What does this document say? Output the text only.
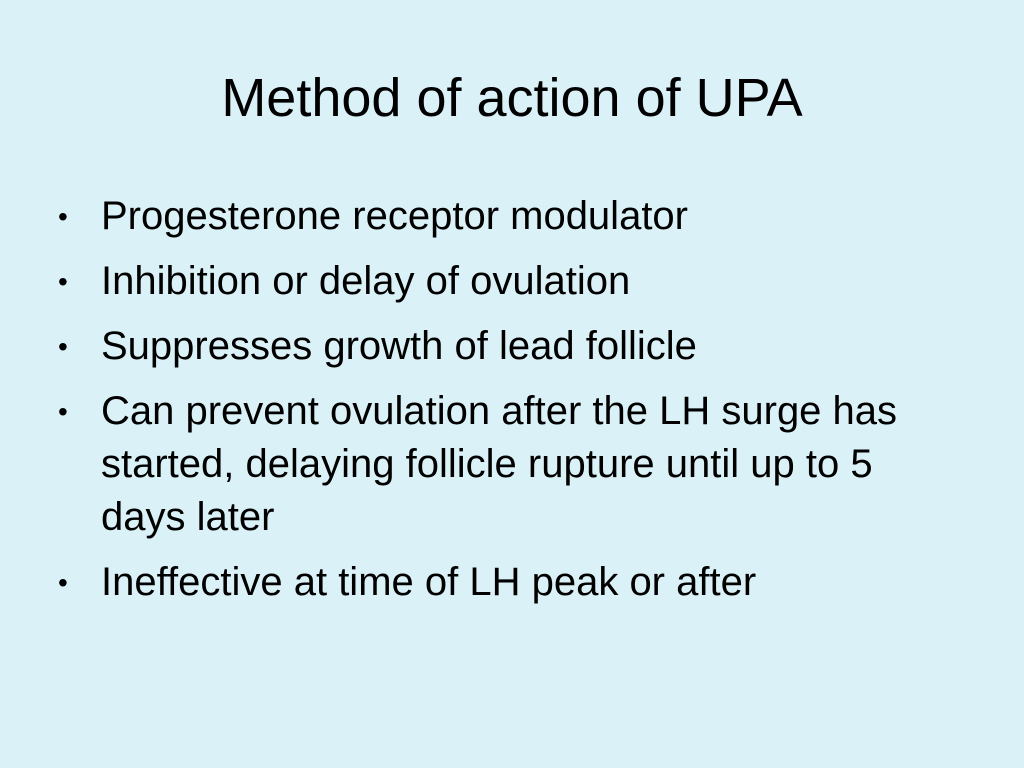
Method of action of UPA
• Progesterone receptor modulator
• Inhibition or delay of ovulation
• Suppresses growth of lead follicle
• Can prevent ovulation after the LH surge has started, delaying follicle rupture until up to 5 days later
• Ineffective at time of LH peak or after
